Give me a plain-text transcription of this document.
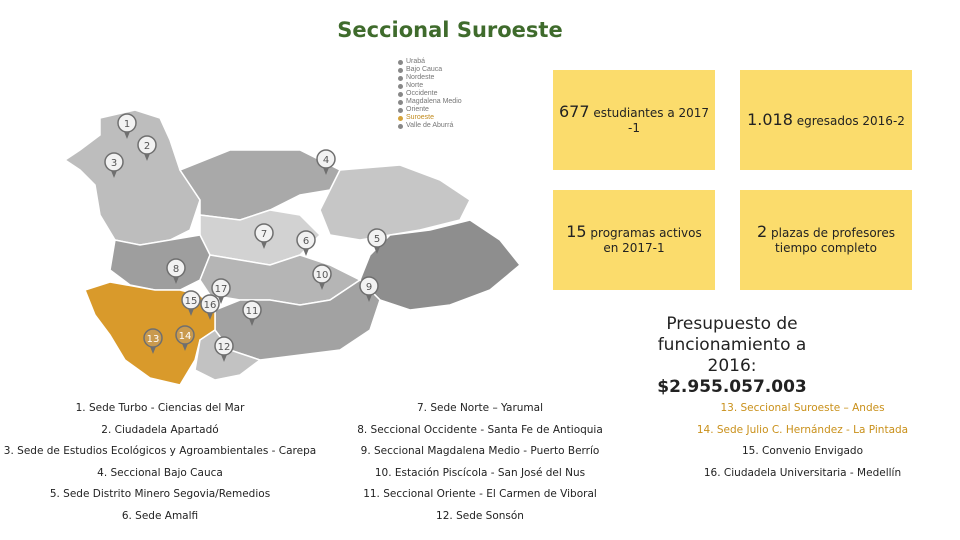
Seccional Suroeste
1
2
3	4
5
6
7
8
9
10
11
12
13 14
15 16
17
Urabá
Bajo Cauca
Nordeste
Norte
Occidente
Magdalena Medio
Oriente
Suroeste
Valle de Aburrá
677 estudiantes a 2017
-1	1.018 egresados 2016-2
15 programas activos
en 2017-1
2 plazas de profesores
tiempo completo
Presupuesto de
funcionamiento a
2016:
$2.955.057.003
1. Sede Turbo - Ciencias del Mar
2. Ciudadela Apartadó
3. Sede de Estudios Ecológicos y Agroambientales - Carepa
4. Seccional Bajo Cauca
5. Sede Distrito Minero Segovia/Remedios
6. Sede Amalfi
7. Sede Norte – Yarumal
8. Seccional Occidente - Santa Fe de Antioquia
9. Seccional Magdalena Medio - Puerto Berrío
10. Estación Piscícola - San José del Nus
11. Seccional Oriente - El Carmen de Viboral
12. Sede Sonsón
13. Seccional Suroeste – Andes
14. Sede Julio C. Hernández - La Pintada
15. Convenio Envigado
16. Ciudadela Universitaria - Medellín
